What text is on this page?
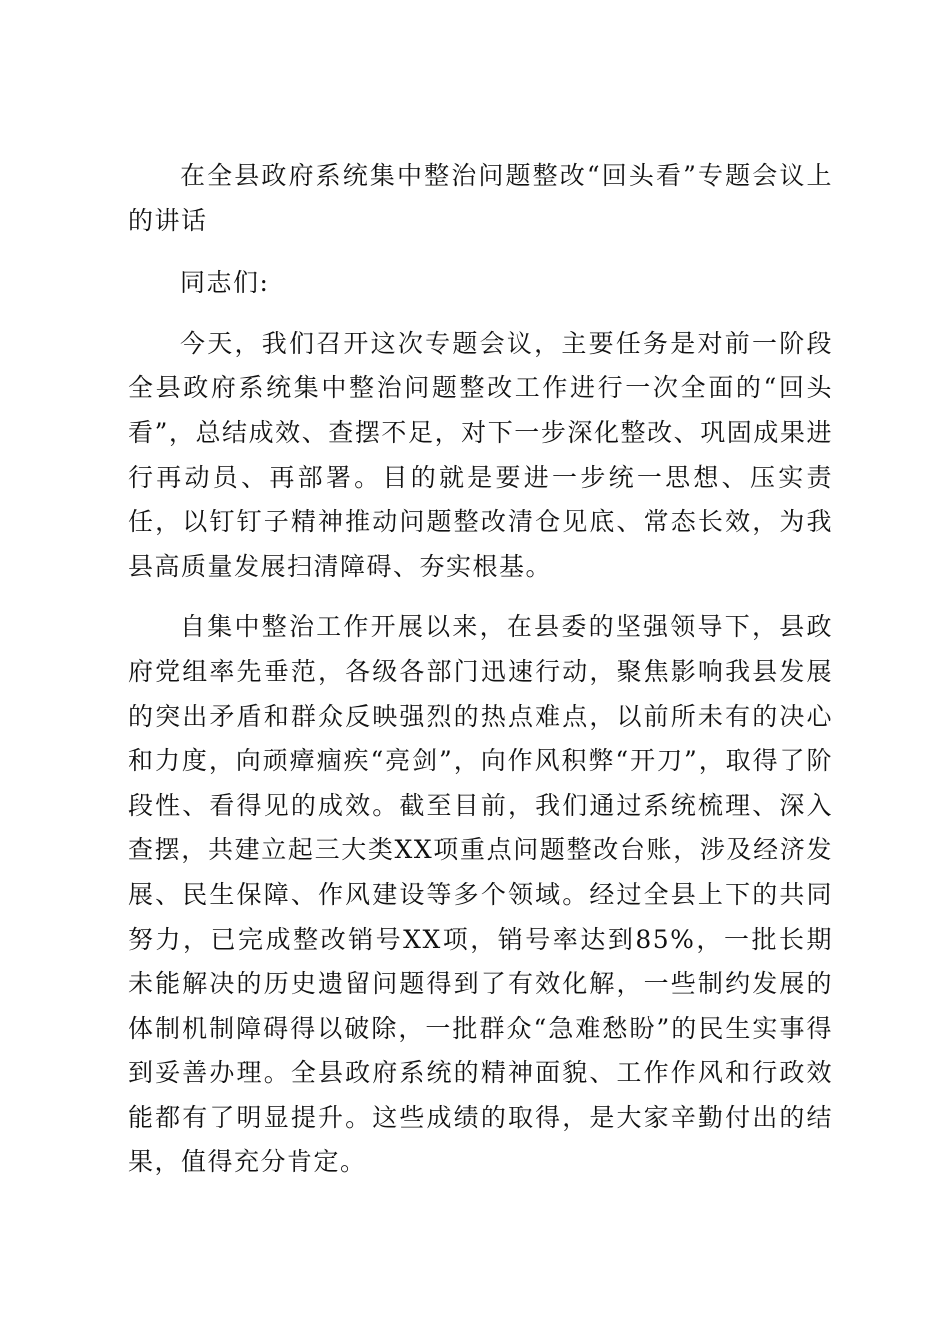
在全县政府系统集中整治问题整改“回头看”专题会议上的讲话

同志们:

今天，我们召开这次专题会议，主要任务是对前一阶段全县政府系统集中整治问题整改工作进行一次全面的“回头看”，总结成效、查摆不足，对下一步深化整改、巩固成果进行再动员、再部署。目的就是要进一步统一思想、压实责任，以钉钉子精神推动问题整改清仓见底、常态长效，为我县高质量发展扫清障碍、夯实根基。

自集中整治工作开展以来，在县委的坚强领导下，县政府党组率先垂范，各级各部门迅速行动，聚焦影响我县发展的突出矛盾和群众反映强烈的热点难点，以前所未有的决心和力度，向顽瘴痼疾“亮剑”，向作风积弊“开刀”，取得了阶段性、看得见的成效。截至目前，我们通过系统梳理、深入查摆，共建立起三大类XX项重点问题整改台账，涉及经济发展、民生保障、作风建设等多个领域。经过全县上下的共同努力，已完成整改销号XX项，销号率达到85%，一批长期未能解决的历史遗留问题得到了有效化解，一些制约发展的体制机制障碍得以破除，一批群众“急难愁盼”的民生实事得到妥善办理。全县政府系统的精神面貌、工作作风和行政效能都有了明显提升。这些成绩的取得，是大家辛勤付出的结果，值得充分肯定。
